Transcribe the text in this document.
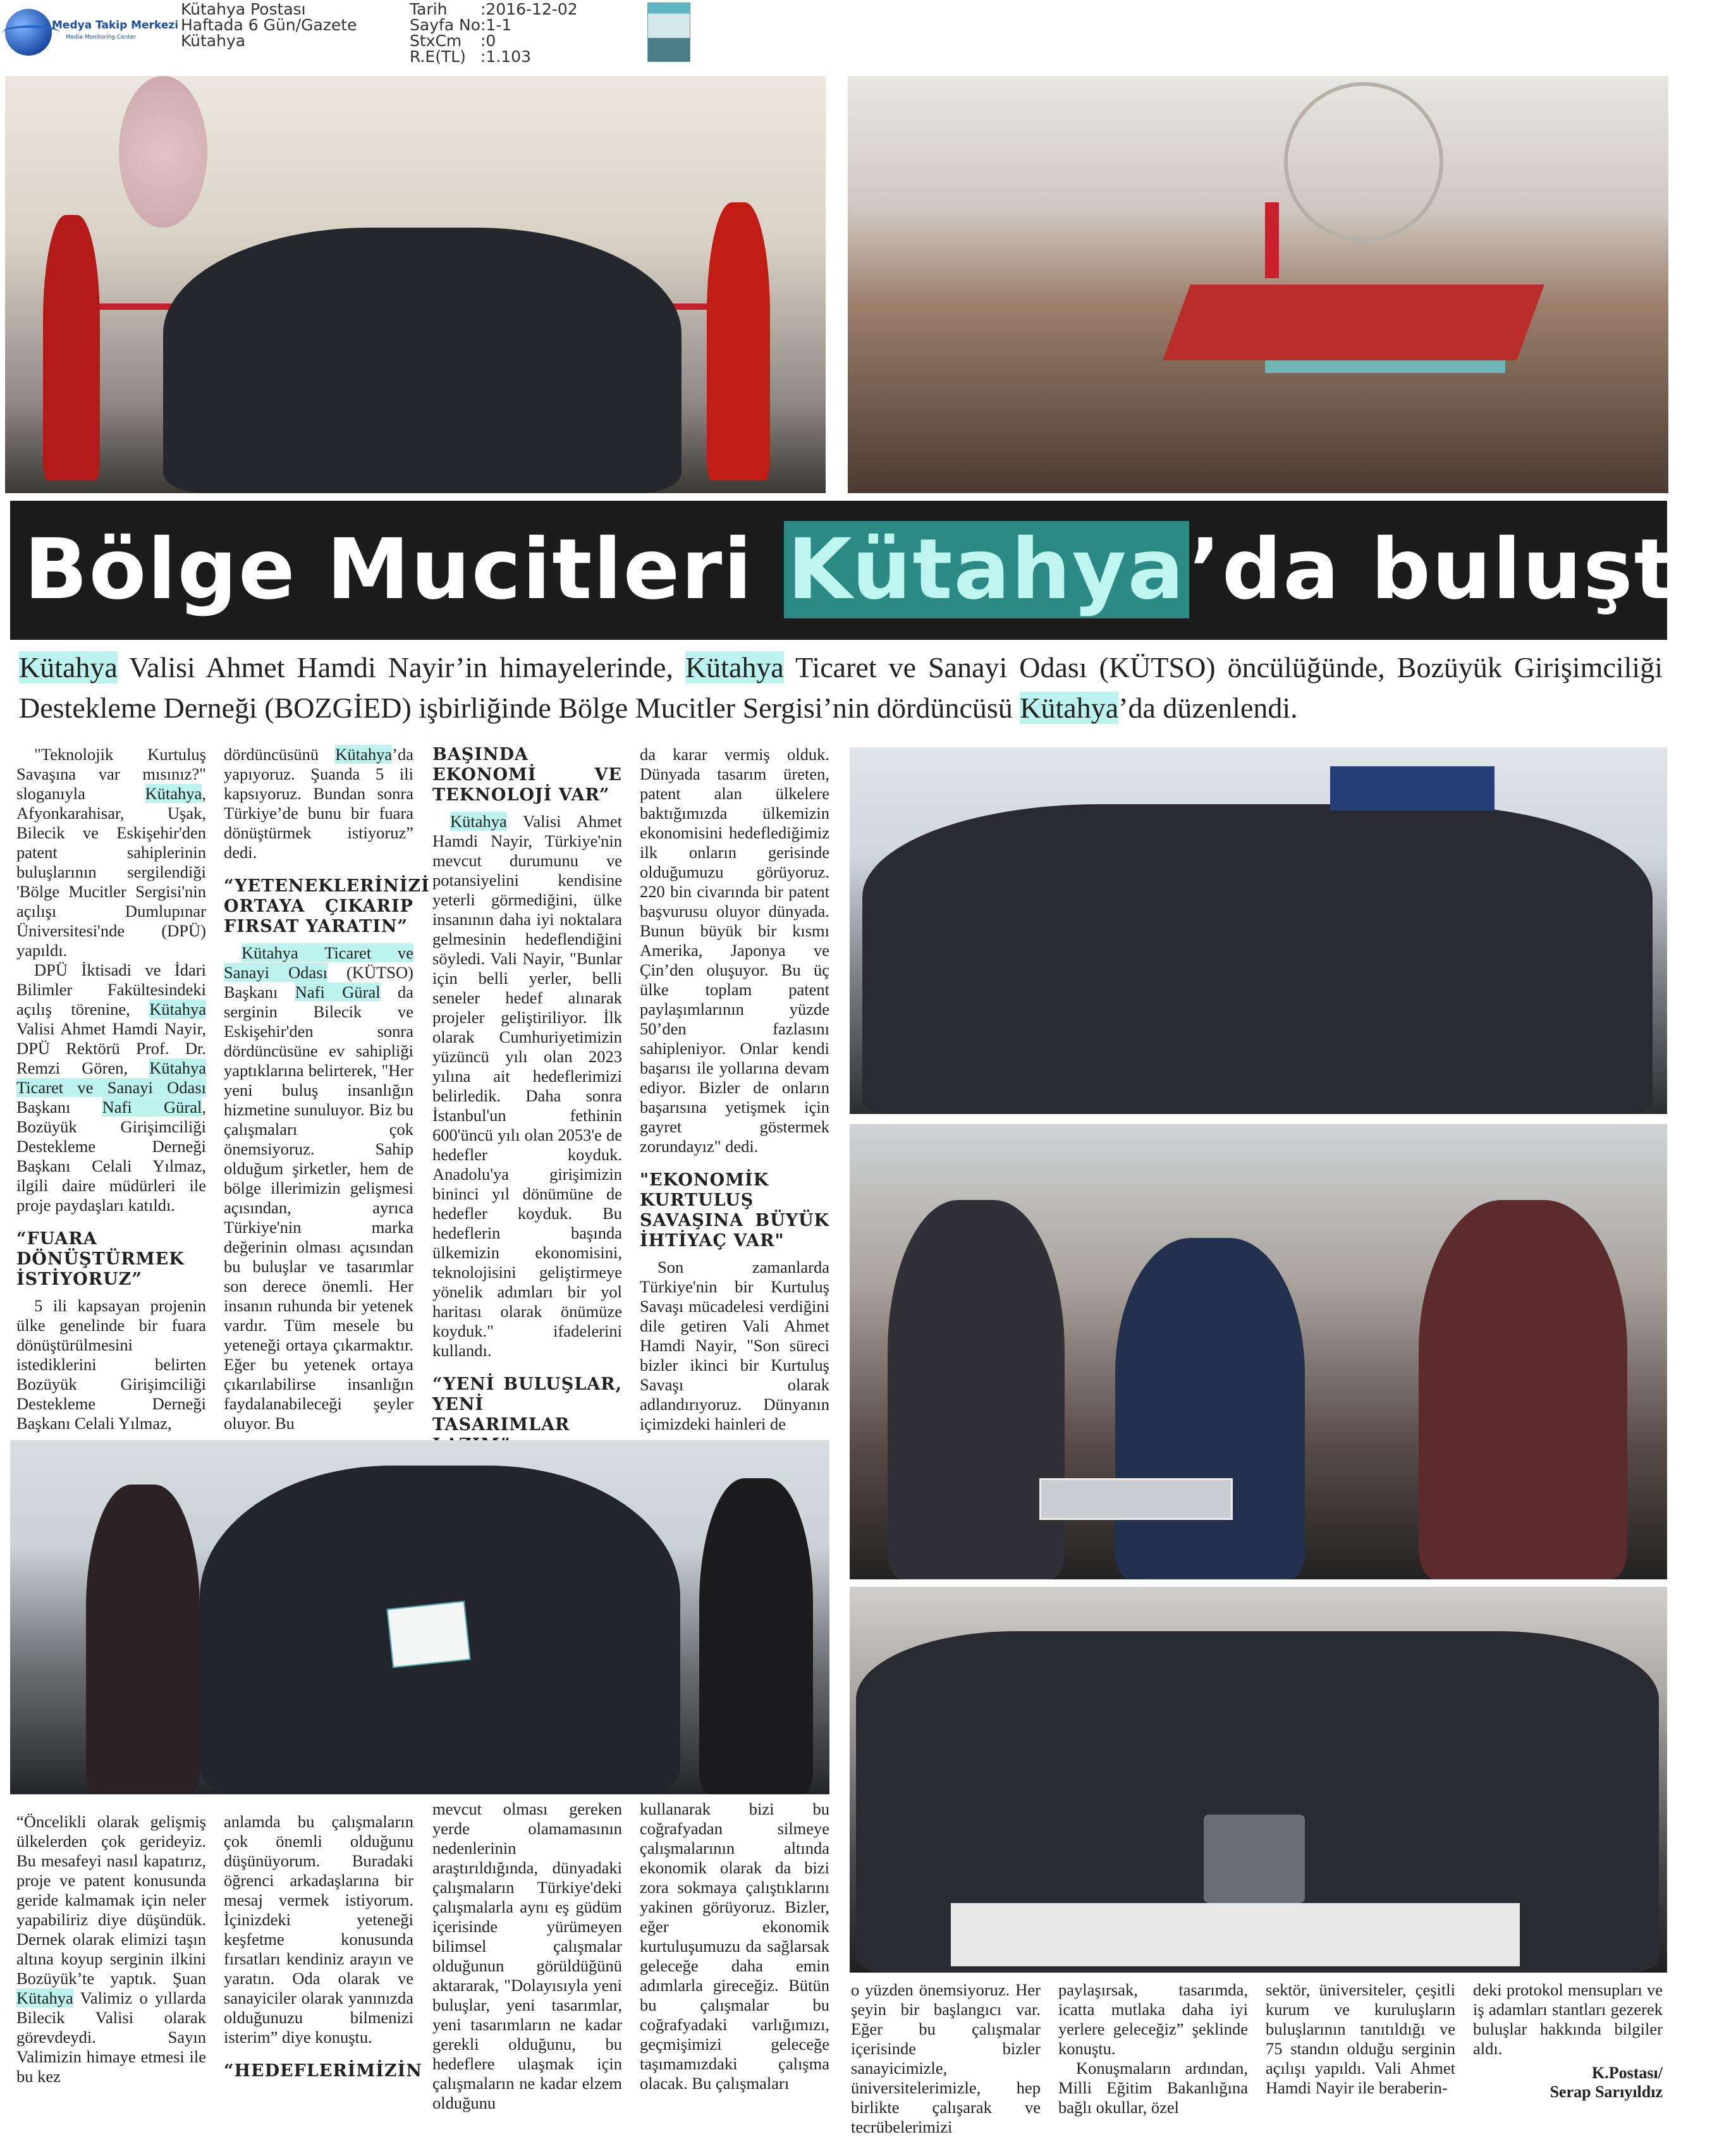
Medya Takip Merkezi
Media Monitoring Center
Kütahya Postası
Haftada 6 Gün/Gazete
Kütahya
Tarih :2016-12-02
Sayfa No :1-1
StxCm :0
R.E(TL) :1.103
Bölge Mucitleri Kütahya’da buluştu
Kütahya Valisi Ahmet Hamdi Nayir’in himayelerinde, Kütahya Ticaret ve Sanayi Odası (KÜTSO) öncülüğünde, Bozüyük Girişimciliği Destekleme Derneği (BOZGİED) işbirliğinde Bölge Mucitler Sergisi’nin dördüncüsü Kütahya’da düzenlendi.

"Teknolojik Kurtuluş Savaşına var mısınız?" sloganıyla Kütahya, Afyonkarahisar, Uşak, Bilecik ve Eskişehir'den patent sahiplerinin buluşlarının sergilendiği 'Bölge Mucitler Sergisi'nin açılışı Dumlupınar Üniversitesi'nde (DPÜ) yapıldı.

DPÜ İktisadi ve İdari Bilimler Fakültesindeki açılış törenine, Kütahya Valisi Ahmet Hamdi Nayir, DPÜ Rektörü Prof. Dr. Remzi Gören, Kütahya Ticaret ve Sanayi Odası Başkanı Nafi Güral, Bozüyük Girişimciliği Destekleme Derneği Başkanı Celali Yılmaz, ilgili daire müdürleri ile proje paydaşları katıldı.

“FUARA DÖNÜŞTÜRMEK İSTİYORUZ”

5 ili kapsayan projenin ülke genelinde bir fuara dönüştürülmesini istediklerini belirten Bozüyük Girişimciliği Destekleme Derneği Başkanı Celali Yılmaz,

dördüncüsünü Kütahya’da yapıyoruz. Şuanda 5 ili kapsıyoruz. Bundan sonra Türkiye’de bunu bir fuara dönüştürmek istiyoruz” dedi.

“YETENEKLERİNİZİ ORTAYA ÇIKARIP FIRSAT YARATIN”

Kütahya Ticaret ve Sanayi Odası (KÜTSO) Başkanı Nafi Güral da serginin Bilecik ve Eskişehir'den sonra dördüncüsüne ev sahipliği yaptıklarına belirterek, "Her yeni buluş insanlığın hizmetine sunuluyor. Biz bu çalışmaları çok önemsiyoruz. Sahip olduğum şirketler, hem de bölge illerimizin gelişmesi açısından, ayrıca Türkiye'nin marka değerinin olması açısından bu buluşlar ve tasarımlar son derece önemli. Her insanın ruhunda bir yetenek vardır. Tüm mesele bu yeteneği ortaya çıkarmaktır. Eğer bu yetenek ortaya çıkarılabilirse insanlığın faydalanabileceği şeyler oluyor. Bu

BAŞINDA EKONOMİ VE TEKNOLOJİ VAR”

Kütahya Valisi Ahmet Hamdi Nayir, Türkiye'nin mevcut durumunu ve potansiyelini kendisine yeterli görmediğini, ülke insanının daha iyi noktalara gelmesinin hedeflendiğini söyledi. Vali Nayir, "Bunlar için belli yerler, belli seneler hedef alınarak projeler geliştiriliyor. İlk olarak Cumhuriyetimizin yüzüncü yılı olan 2023 yılına ait hedeflerimizi belirledik. Daha sonra İstanbul'un fethinin 600'üncü yılı olan 2053'e de hedefler koyduk. Anadolu'ya girişimizin bininci yıl dönümüne de hedefler koyduk. Bu hedeflerin başında ülkemizin ekonomisini, teknolojisini geliştirmeye yönelik adımları bir yol haritası olarak önümüze koyduk." ifadelerini kullandı.

“YENİ BULUŞLAR, YENİ TASARIMLAR

da karar vermiş olduk. Dünyada tasarım üreten, patent alan ülkelere baktığımızda ülkemizin ekonomisini hedeflediğimiz ilk onların gerisinde olduğumuzu görüyoruz. 220 bin civarında bir patent başvurusu oluyor dünyada. Bunun büyük bir kısmı Amerika, Japonya ve Çin’den oluşuyor. Bu üç ülke toplam patent paylaşımlarının yüzde 50’den fazlasını sahipleniyor. Onlar kendi başarısı ile yollarına devam ediyor. Bizler de onların başarısına yetişmek için gayret göstermek zorundayız" dedi.

"EKONOMİK KURTULUŞ SAVAŞINA BÜYÜK İHTİYAÇ VAR"

Son zamanlarda Türkiye'nin bir Kurtuluş Savaşı mücadelesi verdiğini dile getiren Vali Ahmet Hamdi Nayir, "Son süreci bizler ikinci bir Kurtuluş Savaşı olarak adlandırıyoruz. Dünyanın içimizdeki hainleri de

“Öncelikli olarak gelişmiş ülkelerden çok gerideyiz. Bu mesafeyi nasıl kapatırız, proje ve patent konusunda geride kalmamak için neler yapabiliriz diye düşündük. Dernek olarak elimizi taşın altına koyup serginin ilkini Bozüyük’te yaptık. Şuan Kütahya Valimiz o yıllarda Bilecik Valisi olarak görevdeydi. Sayın Valimizin himaye etmesi ile bu kez

anlamda bu çalışmaların çok önemli olduğunu düşünüyorum. Buradaki öğrenci arkadaşlarına bir mesaj vermek istiyorum. İçinizdeki yeteneği keşfetme konusunda fırsatları kendiniz arayın ve yaratın. Oda olarak ve sanayiciler olarak yanınızda olduğunuzu bilmenizi isterim” diye konuştu.

“HEDEFLERİMİZİN

mevcut olması gereken yerde olamamasının nedenlerinin araştırıldığında, dünyadaki çalışmaların Türkiye'deki çalışmalarla aynı eş güdüm içerisinde yürümeyen bilimsel çalışmalar olduğunun görüldüğünü aktararak, "Dolayısıyla yeni buluşlar, yeni tasarımlar, yeni tasarımların ne kadar gerekli olduğunu, bu hedeflere ulaşmak için çalışmaların ne kadar elzem olduğunu

kullanarak bizi bu coğrafyadan silmeye çalışmalarının altında ekonomik olarak da bizi zora sokmaya çalıştıklarını yakinen görüyoruz. Bizler, eğer ekonomik kurtuluşumuzu da sağlarsak geleceğe daha emin adımlarla gireceğiz. Bütün bu çalışmalar bu coğrafyadaki varlığımızı, geçmişimizi geleceğe taşımamızdaki çalışma olacak. Bu çalışmaları

o yüzden önemsiyoruz. Her şeyin bir başlangıcı var. Eğer bu çalışmalar içerisinde bizler sanayicimizle, üniversitelerimizle, hep birlikte çalışarak ve tecrübelerimizi

paylaşırsak, tasarımda, icatta mutlaka daha iyi yerlere geleceğiz” şeklinde konuştu.

Konuşmaların ardından, Milli Eğitim Bakanlığına bağlı okullar, özel

sektör, üniversiteler, çeşitli kurum ve kuruluşların buluşlarının tanıtıldığı ve 75 standın olduğu serginin açılışı yapıldı. Vali Ahmet Hamdi Nayir ile beraberin-

deki protokol mensupları ve iş adamları stantları gezerek buluşlar hakkında bilgiler aldı.

K.Postası/
Serap Sarıyıldız
